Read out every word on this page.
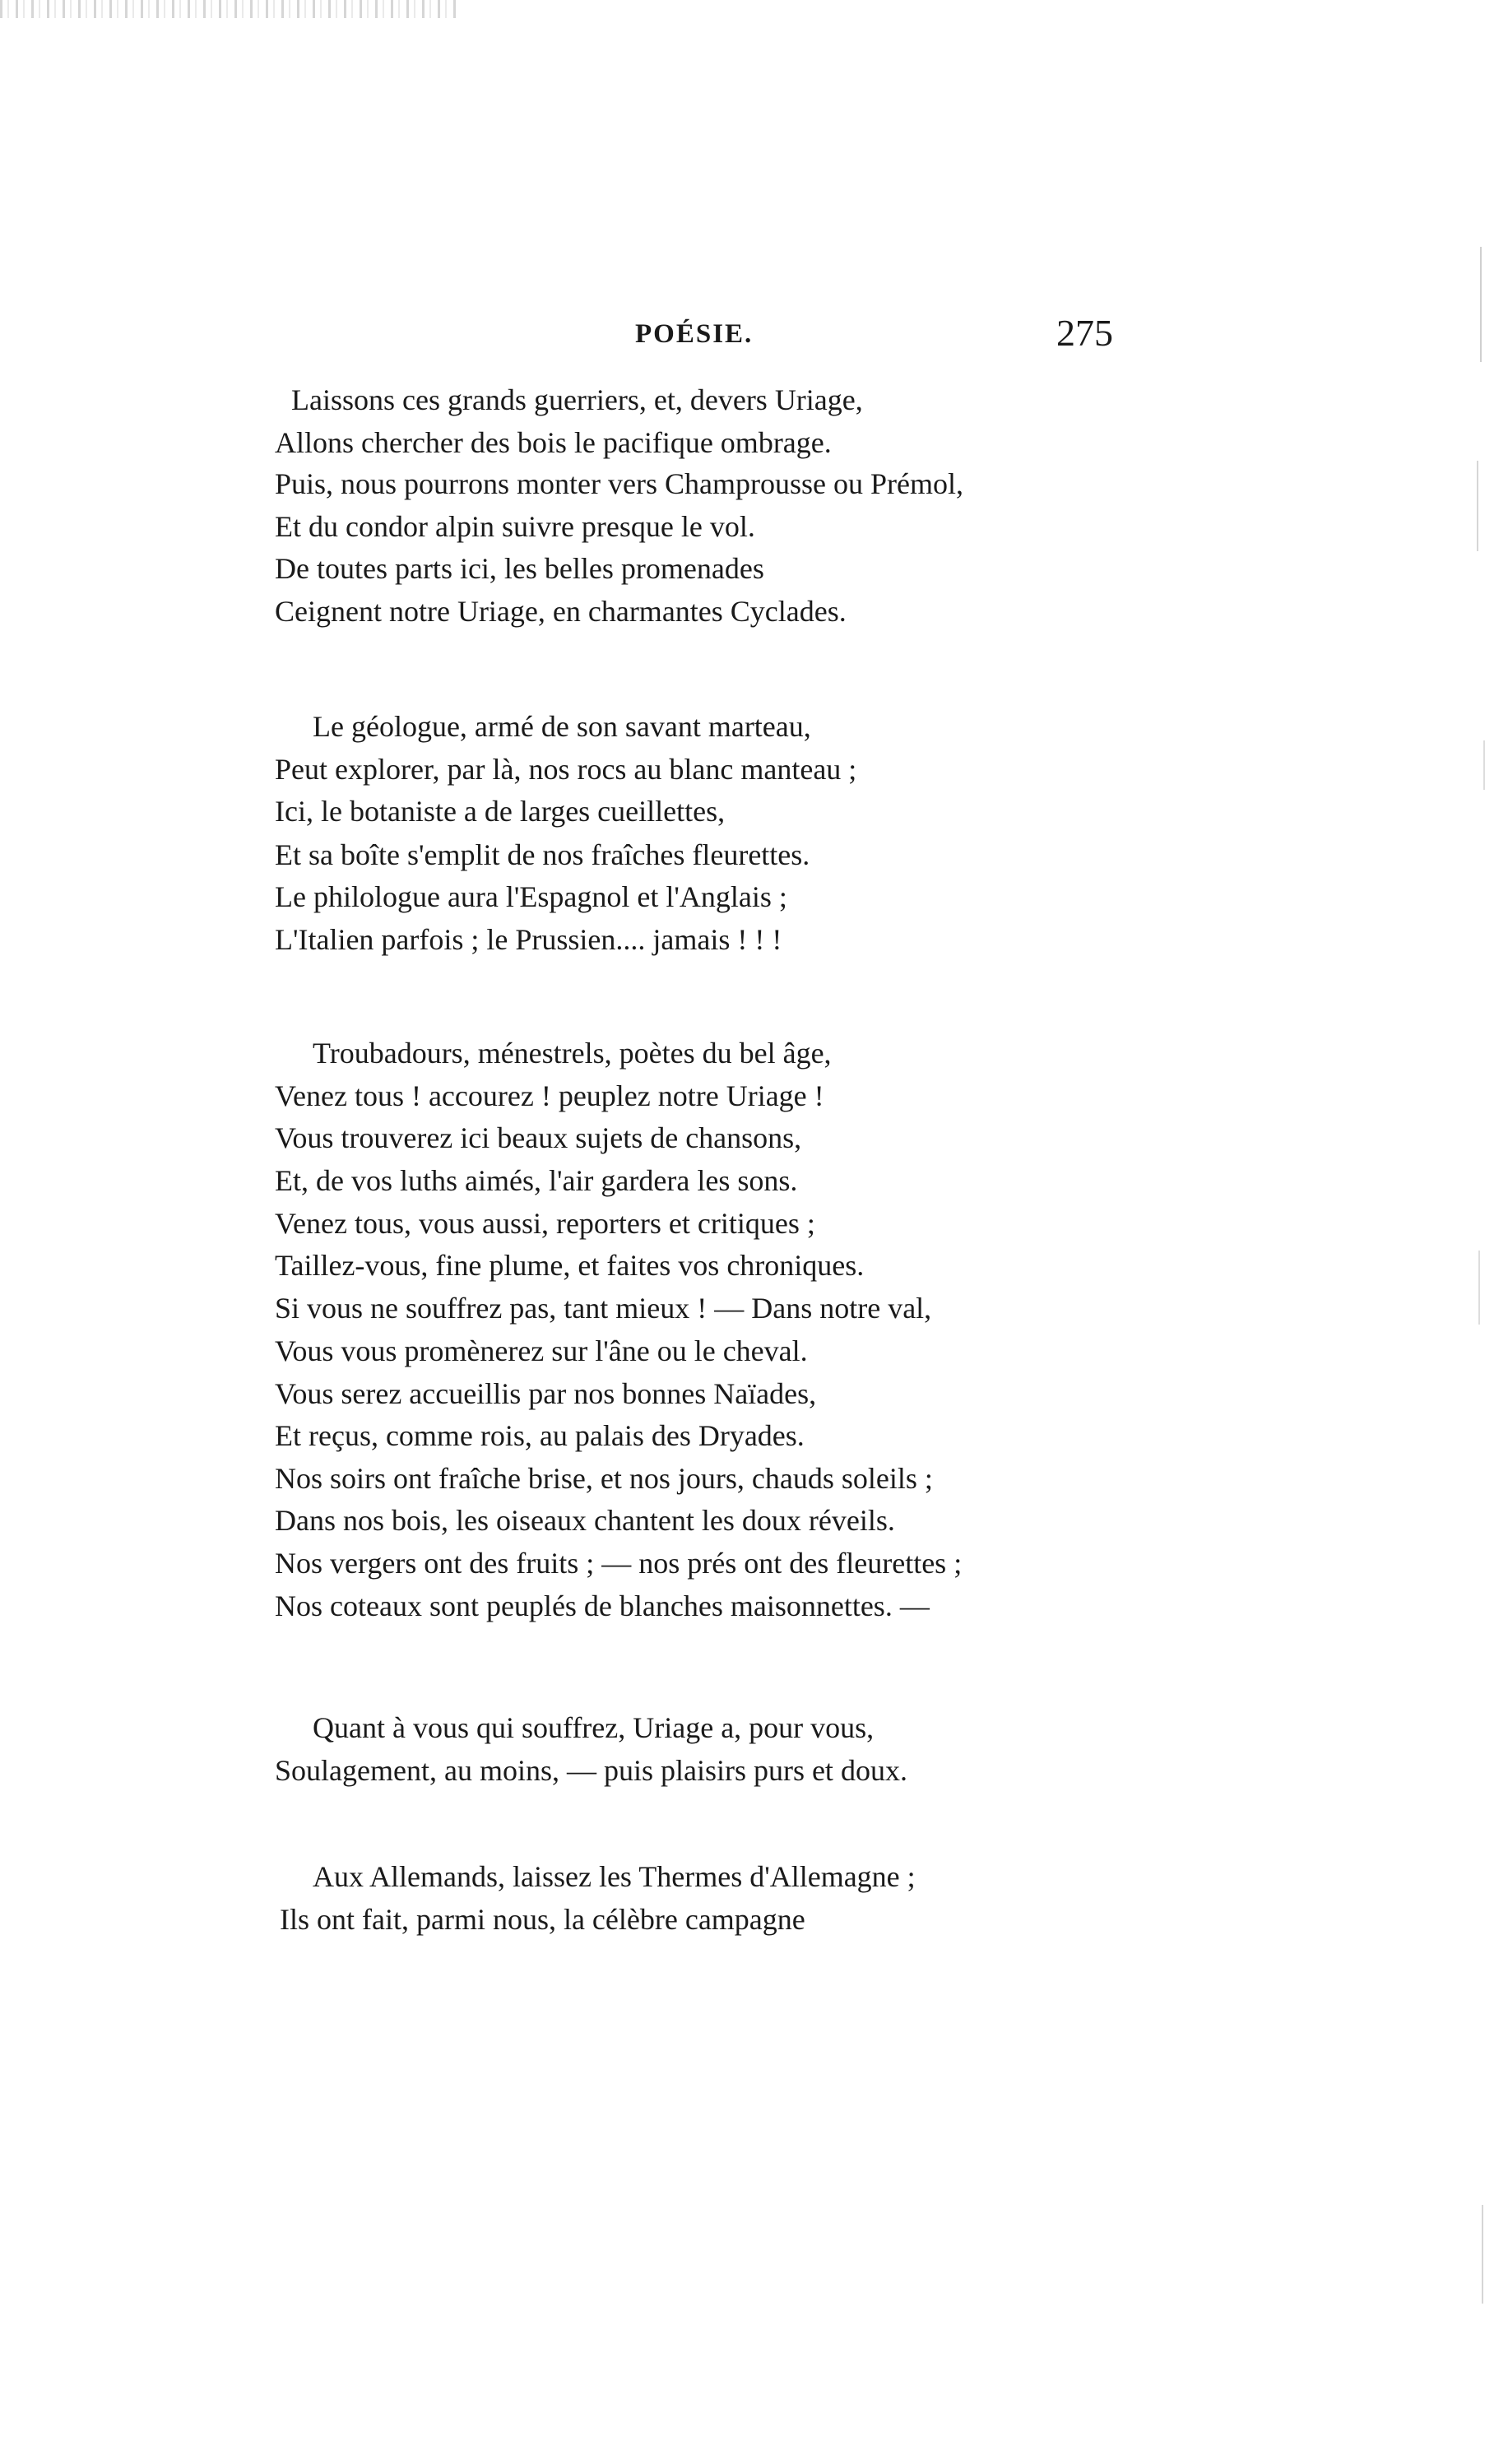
POÉSIE.	275
Laissons ces grands guerriers, et, devers Uriage,
Allons chercher des bois le pacifique ombrage.
Puis, nous pourrons monter vers Champrousse ou Prémol,
Et du condor alpin suivre presque le vol.
De toutes parts ici, les belles promenades
Ceignent notre Uriage, en charmantes Cyclades.
Le géologue, armé de son savant marteau,
Peut explorer, par là, nos rocs au blanc manteau ;
Ici, le botaniste a de larges cueillettes,
Et sa boîte s'emplit de nos fraîches fleurettes.
Le philologue aura l'Espagnol et l'Anglais ;
L'Italien parfois ; le Prussien.... jamais ! ! !
Troubadours, ménestrels, poètes du bel âge,
Venez tous ! accourez ! peuplez notre Uriage !
Vous trouverez ici beaux sujets de chansons,
Et, de vos luths aimés, l'air gardera les sons.
Venez tous, vous aussi, reporters et critiques ;
Taillez-vous, fine plume, et faites vos chroniques.
Si vous ne souffrez pas, tant mieux ! — Dans notre val,
Vous vous promènerez sur l'âne ou le cheval.
Vous serez accueillis par nos bonnes Naïades,
Et reçus, comme rois, au palais des Dryades.
Nos soirs ont fraîche brise, et nos jours, chauds soleils ;
Dans nos bois, les oiseaux chantent les doux réveils.
Nos vergers ont des fruits ; — nos prés ont des fleurettes ;
Nos coteaux sont peuplés de blanches maisonnettes. —
Quant à vous qui souffrez, Uriage a, pour vous,
Soulagement, au moins, — puis plaisirs purs et doux.
Aux Allemands, laissez les Thermes d'Allemagne ;
Ils ont fait, parmi nous, la célèbre campagne
